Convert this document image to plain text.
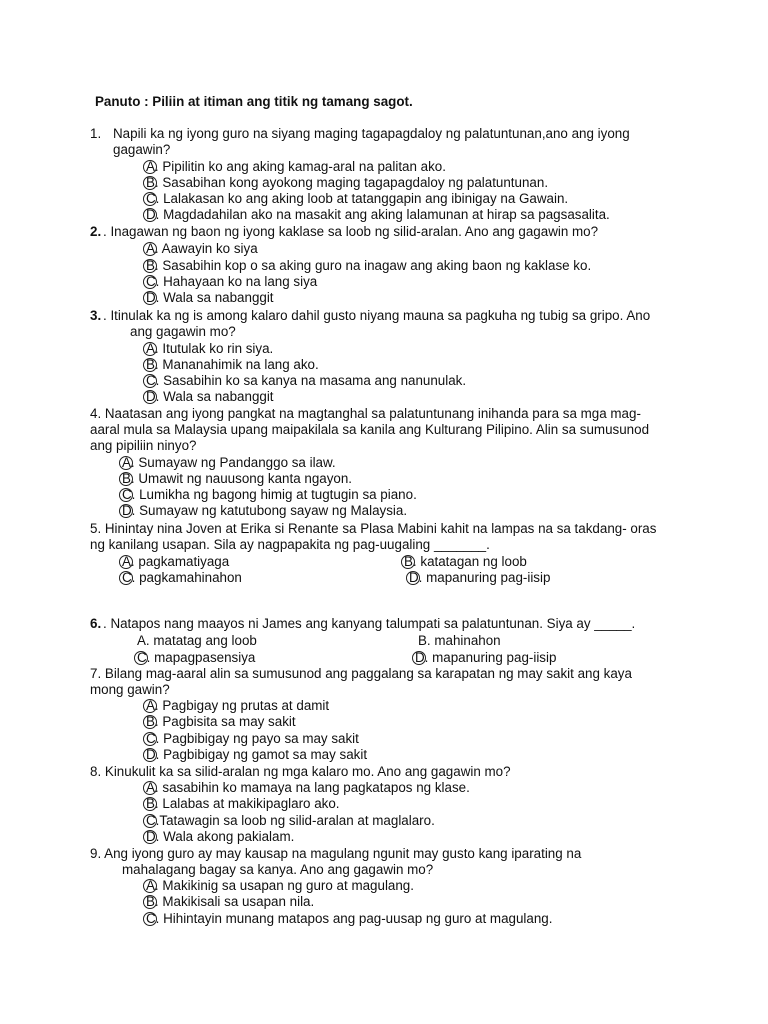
Panuto : Piliin at itiman ang titik ng tamang sagot.
1. Napili ka ng iyong guro na siyang maging tagapagdaloy ng palatuntunan,ano ang iyong
gagawin?
A. Pipilitin ko ang aking kamag-aral na palitan ako.
B. Sasabihan kong ayokong maging tagapagdaloy ng palatuntunan.
C. Lalakasan ko ang aking loob at tatanggapin ang ibinigay na Gawain.
D. Magdadahilan ako na masakit ang aking lalamunan at hirap sa pagsasalita.
2. . Inagawan ng baon ng iyong kaklase sa loob ng silid-aralan. Ano ang gagawin mo?
A. Aawayin ko siya
B. Sasabihin kop o sa aking guro na inagaw ang aking baon ng kaklase ko.
C. Hahayaan ko na lang siya
D. Wala sa nabanggit
3. . Itinulak ka ng is among kalaro dahil gusto niyang mauna sa pagkuha ng tubig sa gripo. Ano
ang gagawin mo?
A. Itutulak ko rin siya.
B. Mananahimik na lang ako.
C. Sasabihin ko sa kanya na masama ang nanunulak.
D. Wala sa nabanggit
4. Naatasan ang iyong pangkat na magtanghal sa palatuntunang inihanda para sa mga mag-
aaral mula sa Malaysia upang maipakilala sa kanila ang Kulturang Pilipino. Alin sa sumusunod
ang pipiliin ninyo?
A. Sumayaw ng Pandanggo sa ilaw.
B. Umawit ng nauusong kanta ngayon.
C. Lumikha ng bagong himig at tugtugin sa piano.
D. Sumayaw ng katutubong sayaw ng Malaysia.
5. Hinintay nina Joven at Erika si Renante sa Plasa Mabini kahit na lampas na sa takdang- oras
ng kanilang usapan. Sila ay nagpapakita ng pag-uugaling _______.
A. pagkamatiyaga	B. katatagan ng loob
C. pagkamahinahon	D. mapanuring pag-iisip
6. . Natapos nang maayos ni James ang kanyang talumpati sa palatuntunan. Siya ay _____.
A. matatag ang loob	B. mahinahon
C. mapagpasensiya	D. mapanuring pag-iisip
7. Bilang mag-aaral alin sa sumusunod ang paggalang sa karapatan ng may sakit ang kaya
mong gawin?
A. Pagbigay ng prutas at damit
B. Pagbisita sa may sakit
C. Pagbibigay ng payo sa may sakit
D. Pagbibigay ng gamot sa may sakit
8. Kinukulit ka sa silid-aralan ng mga kalaro mo. Ano ang gagawin mo?
A. sasabihin ko mamaya na lang pagkatapos ng klase.
B. Lalabas at makikipaglaro ako.
C.Tatawagin sa loob ng silid-aralan at maglalaro.
D. Wala akong pakialam.
9. Ang iyong guro ay may kausap na magulang ngunit may gusto kang iparating na
mahalagang bagay sa kanya. Ano ang gagawin mo?
A. Makikinig sa usapan ng guro at magulang.
B. Makikisali sa usapan nila.
C. Hihintayin munang matapos ang pag-uusap ng guro at magulang.
